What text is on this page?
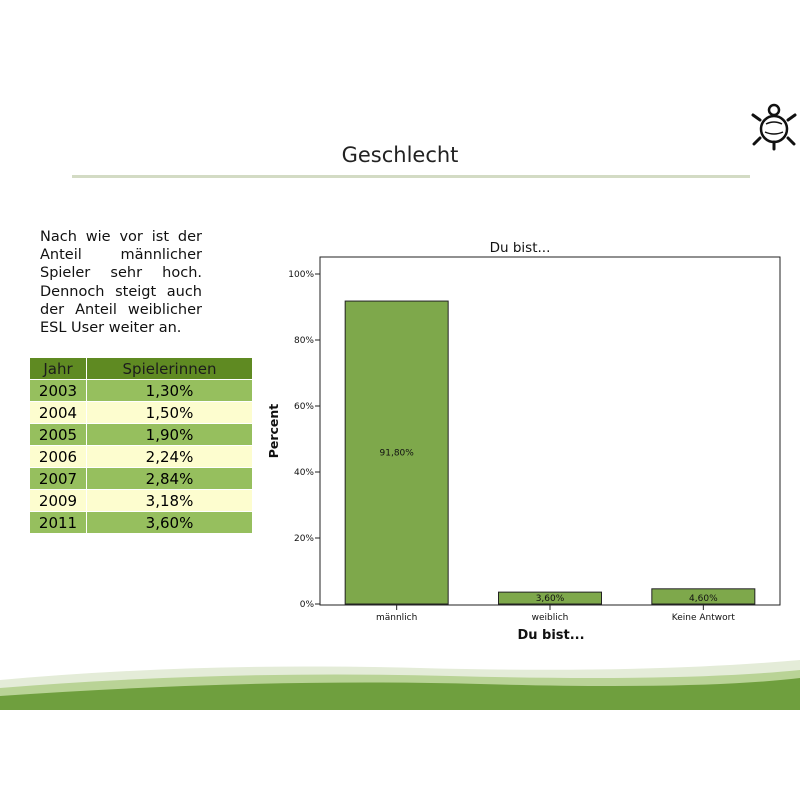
Geschlecht
Nach wie vor ist der Anteil männlicher Spieler sehr hoch. Dennoch steigt auch der Anteil weiblicher ESL User weiter an.
Jahr	Spielerinnen
2003	1,30%
2004	1,50%
2005	1,90%
2006	2,24%
2007	2,84%
2009	3,18%
2011	3,60%
Du bist...
0%
20%
40%
60%
80%
100%
91,80%
3,60%	4,60%
männlich	weiblich	Keine Antwort
Percent
Du bist...
